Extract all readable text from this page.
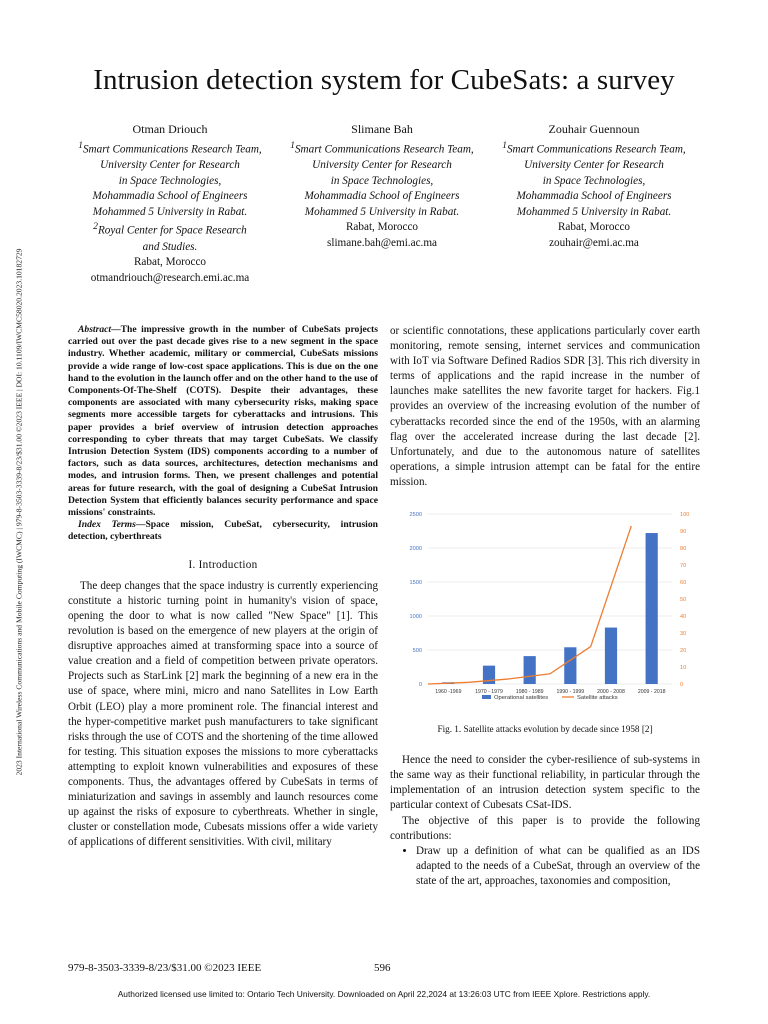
2023 International Wireless Communications and Mobile Computing (IWCMC) | 979-8-3503-3339-8/23/$31.00 ©2023 IEEE | DOI: 10.1109/IWCMC58020.2023.10182729
Intrusion detection system for CubeSats: a survey
Otman Driouch
$^1$Smart Communications Research Team,
University Center for Research
in Space Technologies,
Mohammadia School of Engineers
Mohammed 5 University in Rabat.
$^2$Royal Center for Space Research
and Studies.
Rabat, Morocco
otmandriouch@research.emi.ac.ma
Slimane Bah
$^1$Smart Communications Research Team,
University Center for Research
in Space Technologies,
Mohammadia School of Engineers
Mohammed 5 University in Rabat.
Rabat, Morocco
slimane.bah@emi.ac.ma
Zouhair Guennoun
$^1$Smart Communications Research Team,
University Center for Research
in Space Technologies,
Mohammadia School of Engineers
Mohammed 5 University in Rabat.
Rabat, Morocco
zouhair@emi.ac.ma

Abstract—The impressive growth in the number of CubeSats projects carried out over the past decade gives rise to a new segment in the space industry. Whether academic, military or commercial, CubeSats missions provide a wide range of low-cost space applications. This is due on the one hand to the evolution in the launch offer and on the other hand to the use of Components-Of-The-Shelf (COTS). Despite their advantages, these components are associated with many cybersecurity risks, making space segments more accessible targets for cyberattacks and intrusions. This paper provides a brief overview of intrusion detection approaches corresponding to cyber threats that may target CubeSats. We classify Intrusion Detection System (IDS) components according to a number of factors, such as data sources, architectures, detection mechanisms and modes, and intrusion forms. Then, we present challenges and potential areas for future research, with the goal of designing a CubeSat Intrusion Detection System that efficiently balances security performance and space missions' constraints.

Index Terms—Space mission, CubeSat, cybersecurity, intrusion detection, cyberthreats

I. Introduction

The deep changes that the space industry is currently experiencing constitute a historic turning point in humanity's vision of space, opening the door to what is now called "New Space" [1]. This revolution is based on the emergence of new players at the origin of disruptive approaches aimed at transforming space into a source of value creation and a field of competition between private operators. Projects such as StarLink [2] mark the beginning of a new era in the use of space, where mini, micro and nano Satellites in Low Earth Orbit (LEO) play a more prominent role. The financial interest and the hyper-competitive market push manufacturers to take significant risks through the use of COTS and the shortening of the time allowed for testing. This situation exposes the missions to more cyberattacks attempting to exploit known vulnerabilities and exposures of these components. Thus, the advantages offered by CubeSats in terms of miniaturization and savings in assembly and launch resources come up against the risks of exposure to cyberthreats. Whether in single, cluster or constellation mode, Cubesats missions offer a wide variety of applications of different sensitivities. With civil, military

or scientific connotations, these applications particularly cover earth monitoring, remote sensing, internet services and communication with IoT via Software Defined Radios SDR [3]. This rich diversity in terms of applications and the rapid increase in the number of launches make satellites the new favorite target for hackers. Fig.1 provides an overview of the increasing evolution of the number of cyberattacks recorded since the end of the 1950s, with an alarming flag over the accelerated increase during the last decade [2]. Unfortunately, and due to the autonomous nature of satellites operations, a simple intrusion attempt can be fatal for the entire mission.

0
500
1000
1500
2000
2500
0
10
20
30
40
50
60
70
80
90
100
1960 -1969	1970 - 1979 1980 - 1989 1990 - 1999 2000 - 2008 2009 - 2018
Operational satellites	Satellite attacks
Fig. 1. Satellite attacks evolution by decade since 1958 [2]

Hence the need to consider the cyber-resilience of sub-systems in the same way as their functional reliability, in particular through the implementation of an intrusion detection system specific to the particular context of Cubesats CSat-IDS.

The objective of this paper is to provide the following contributions:

• Draw up a definition of what can be qualified as an IDS adapted to the needs of a CubeSat, through an overview of the state of the art, approaches, taxonomies and composition,
979-8-3503-3339-8/23/$31.00 ©2023 IEEE	596
Authorized licensed use limited to: Ontario Tech University. Downloaded on April 22,2024 at 13:26:03 UTC from IEEE Xplore. Restrictions apply.
